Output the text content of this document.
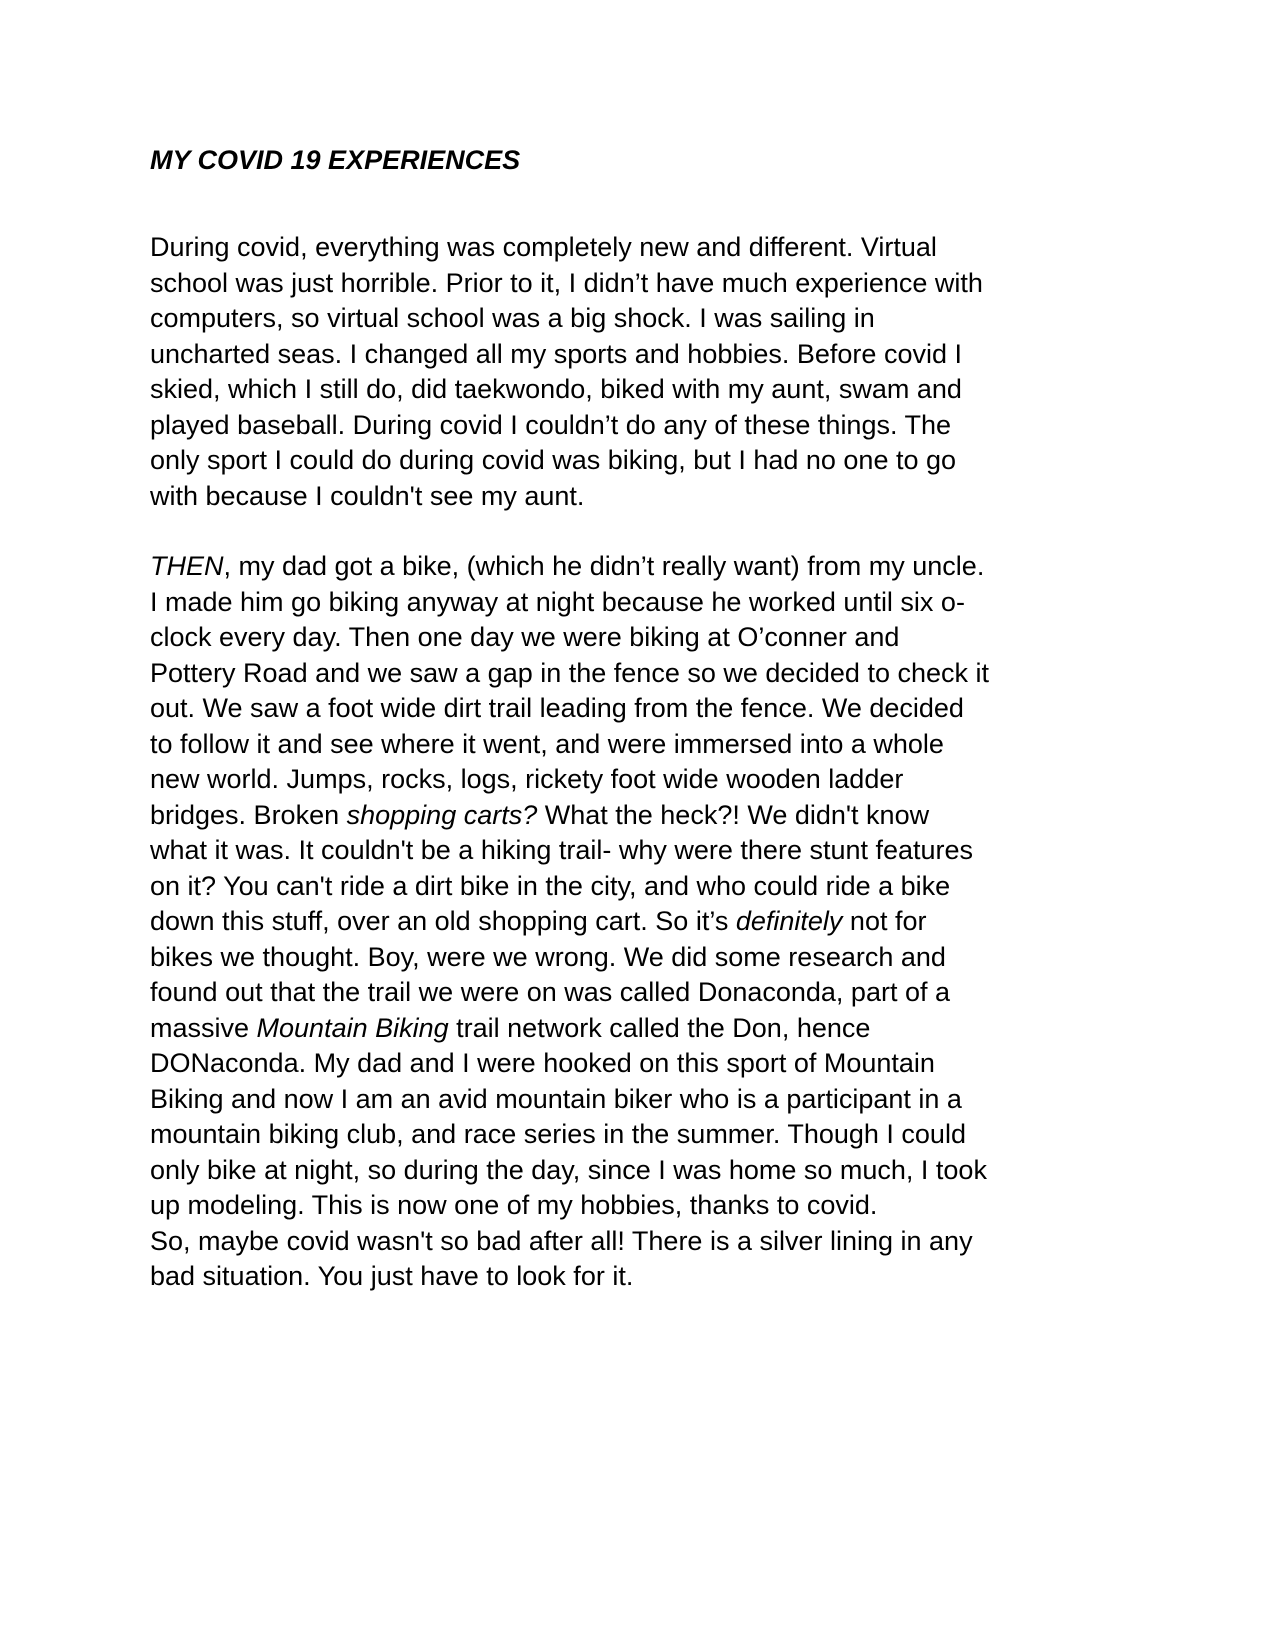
MY COVID 19 EXPERIENCES

During covid, everything was completely new and different. Virtual
school was just horrible. Prior to it, I didn’t have much experience with
computers, so virtual school was a big shock. I was sailing in
uncharted seas. I changed all my sports and hobbies. Before covid I
skied, which I still do, did taekwondo, biked with my aunt, swam and
played baseball. During covid I couldn’t do any of these things. The
only sport I could do during covid was biking, but I had no one to go
with because I couldn't see my aunt.

THEN, my dad got a bike, (which he didn’t really want) from my uncle.
I made him go biking anyway at night because he worked until six o-
clock every day. Then one day we were biking at O’conner and
Pottery Road and we saw a gap in the fence so we decided to check it
out. We saw a foot wide dirt trail leading from the fence. We decided
to follow it and see where it went, and were immersed into a whole
new world. Jumps, rocks, logs, rickety foot wide wooden ladder
bridges. Broken shopping carts? What the heck?! We didn't know
what it was. It couldn't be a hiking trail- why were there stunt features
on it? You can't ride a dirt bike in the city, and who could ride a bike
down this stuff, over an old shopping cart. So it’s definitely not for
bikes we thought. Boy, were we wrong. We did some research and
found out that the trail we were on was called Donaconda, part of a
massive Mountain Biking trail network called the Don, hence
DONaconda. My dad and I were hooked on this sport of Mountain
Biking and now I am an avid mountain biker who is a participant in a
mountain biking club, and race series in the summer. Though I could
only bike at night, so during the day, since I was home so much, I took
up modeling. This is now one of my hobbies, thanks to covid.
So, maybe covid wasn't so bad after all! There is a silver lining in any
bad situation. You just have to look for it.
